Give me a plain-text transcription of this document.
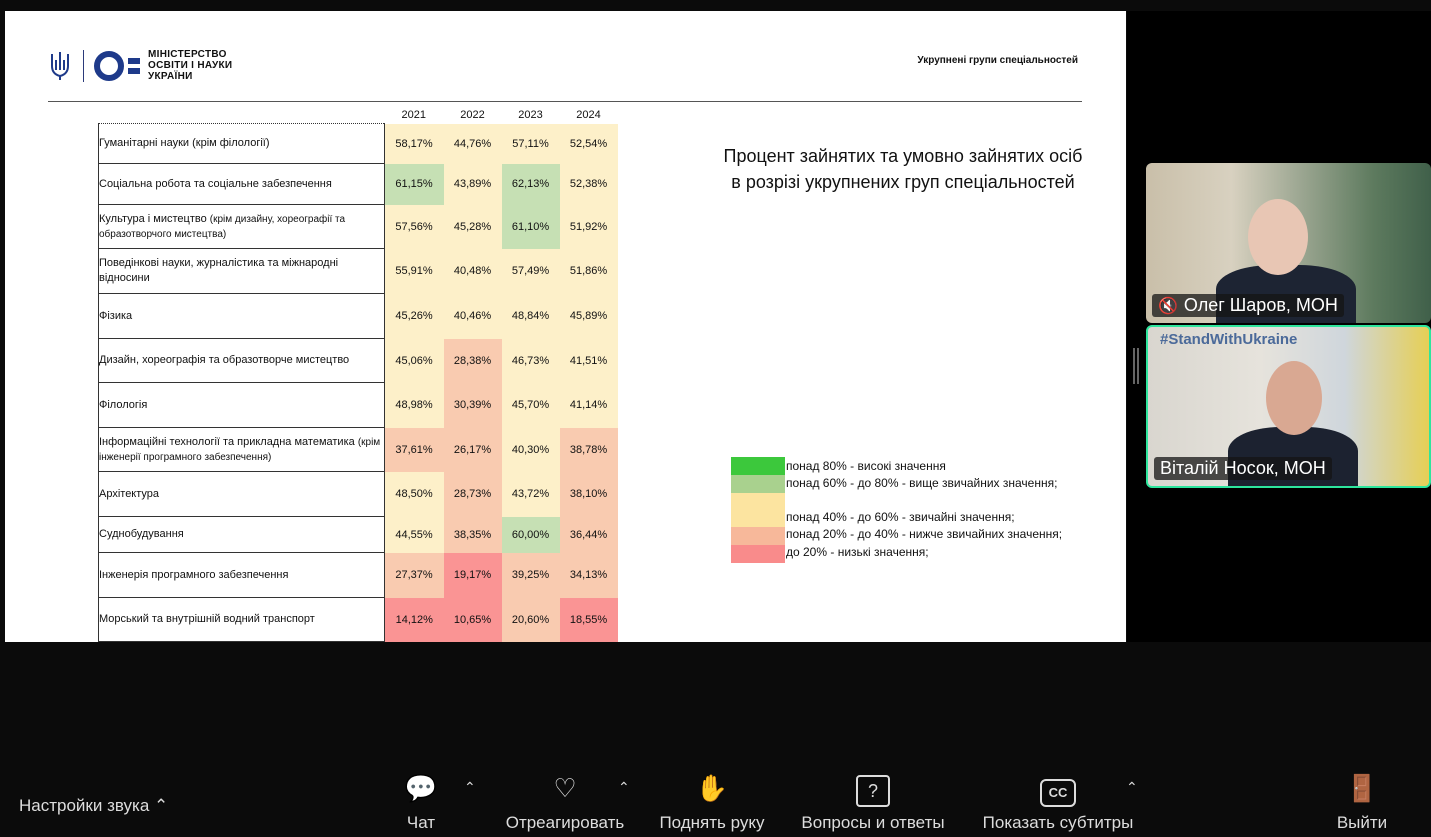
МІНІСТЕРСТВО
ОСВІТИ І НАУКИ
УКРАЇНИ
Укрупнені групи спеціальностей
	2021	2022	2023	2024
Гуманітарні науки (крім філології)	58,17%	44,76%	57,11%	52,54%
Соціальна робота та соціальне забезпечення	61,15%	43,89%	62,13%	52,38%
Культура і мистецтво (крім дизайну, хореографії та образотворчого мистецтва)	57,56%	45,28%	61,10%	51,92%
Поведінкові науки, журналістика та міжнародні відносини	55,91%	40,48%	57,49%	51,86%
Фізика	45,26%	40,46%	48,84%	45,89%
Дизайн, хореографія та образотворче мистецтво	45,06%	28,38%	46,73%	41,51%
Філологія	48,98%	30,39%	45,70%	41,14%
Інформаційні технології та прикладна математика (крім інженерії програмного забезпечення)	37,61%	26,17%	40,30%	38,78%
Архітектура	48,50%	28,73%	43,72%	38,10%
Суднобудування	44,55%	38,35%	60,00%	36,44%
Інженерія програмного забезпечення	27,37%	19,17%	39,25%	34,13%
Морський та внутрішній водний транспорт	14,12%	10,65%	20,60%	18,55%
Процент зайнятих та умовно зайнятих осіб в розрізі укрупнених груп спеціальностей
понад 80% - високі значення
понад 60% - до 80% - вище звичайних значення;
понад 40% - до 60% - звичайні значення;
понад 20% - до 40% - нижче звичайних значення;
до 20% - низькі значення;
🔇 Олег Шаров, МОН
#StandWithUkraine
Віталій Носок, МОН
Настройки звука ⌃
💬
Чат
⌃	♡
Отреагировать
⌃	✋
Поднять руку
?
Вопросы и ответы
CC
Показать субтитры
⌃	🚪
Выйти
